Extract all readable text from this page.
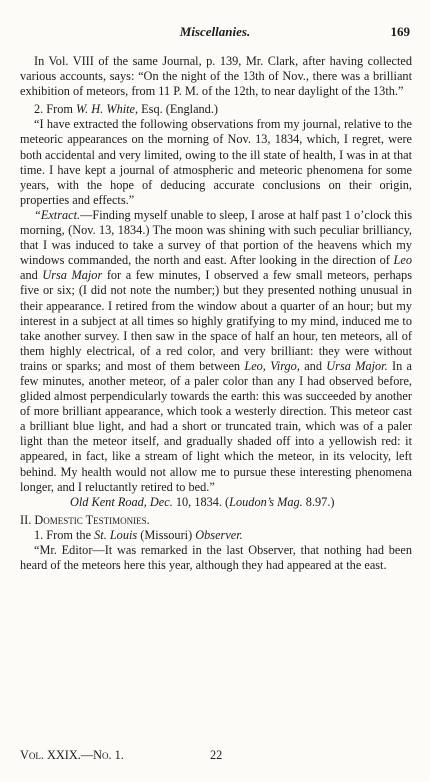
Miscellanies.	169

In Vol. VIII of the same Journal, p. 139, Mr. Clark, after having collected various accounts, says: “On the night of the 13th of Nov., there was a brilliant exhibition of meteors, from 11 P. M. of the 12th, to near daylight of the 13th.”

2. From W. H. White, Esq. (England.)

“I have extracted the following observations from my journal, relative to the meteoric appearances on the morning of Nov. 13, 1834, which, I regret, were both accidental and very limited, owing to the ill state of health, I was in at that time. I have kept a journal of atmospheric and meteoric phenomena for some years, with the hope of deducing accurate conclusions on their origin, properties and effects.”

“Extract.—Finding myself unable to sleep, I arose at half past 1 o’clock this morning, (Nov. 13, 1834.) The moon was shining with such peculiar brilliancy, that I was induced to take a survey of that portion of the heavens which my windows commanded, the north and east. After looking in the direction of Leo and Ursa Major for a few minutes, I observed a few small meteors, perhaps five or six; (I did not note the number;) but they presented nothing unusual in their appearance. I retired from the window about a quarter of an hour; but my interest in a subject at all times so highly gratifying to my mind, induced me to take another survey. I then saw in the space of half an hour, ten meteors, all of them highly electrical, of a red color, and very brilliant: they were without trains or sparks; and most of them between Leo, Virgo, and Ursa Major. In a few minutes, another meteor, of a paler color than any I had observed before, glided almost perpendicularly towards the earth: this was succeeded by another of more brilliant appearance, which took a westerly direction. This meteor cast a brilliant blue light, and had a short or truncated train, which was of a paler light than the meteor itself, and gradually shaded off into a yellowish red: it appeared, in fact, like a stream of light which the meteor, in its velocity, left behind. My health would not allow me to pursue these interesting phenomena longer, and I reluctantly retired to bed.”

Old Kent Road, Dec. 10, 1834. (Loudon’s Mag. 8.97.)

II. Domestic Testimonies.

1. From the St. Louis (Missouri) Observer.

“Mr. Editor—It was remarked in the last Observer, that nothing had been heard of the meteors here this year, although they had appeared at the east.

Vol. XXIX.—No. 1.	22
